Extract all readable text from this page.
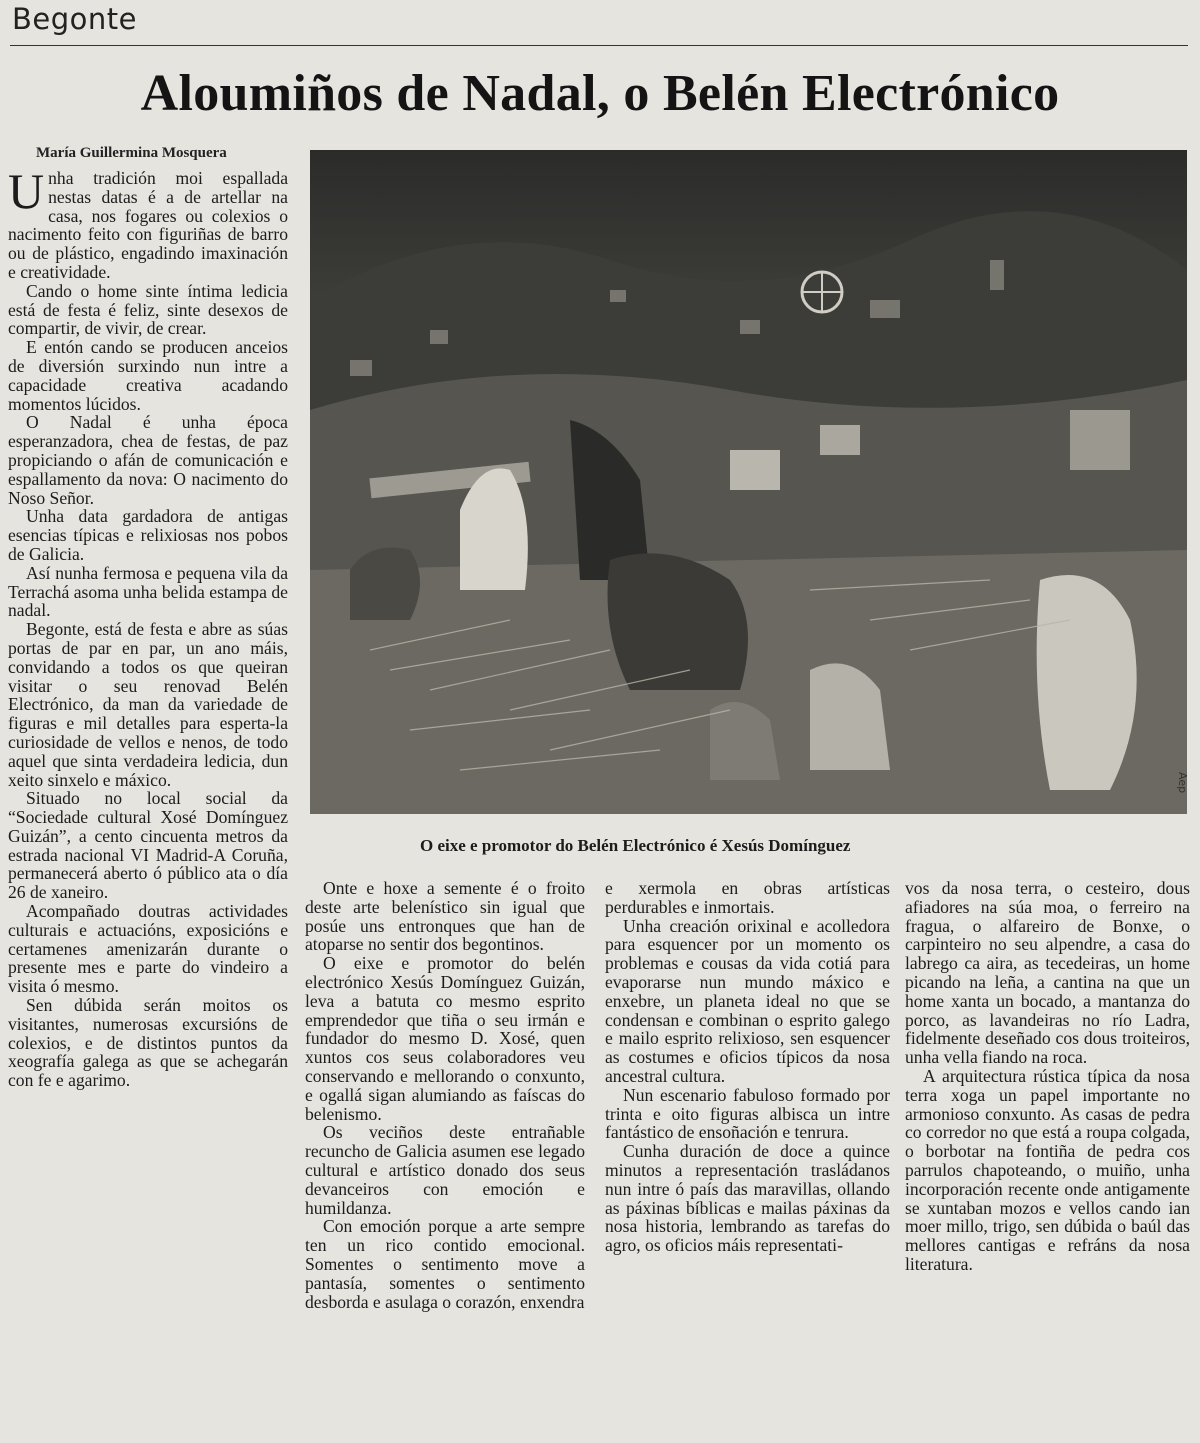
Begonte
Aloumiños de Nadal, o Belén Electrónico
María Guillermina Mosquera

Unha tradición moi espallada nestas datas é a de artellar na casa, nos fogares ou colexios o nacimento feito con figuriñas de barro ou de plástico, engadindo imaxinación e creatividade.

Cando o home sinte íntima ledicia está de festa é feliz, sinte desexos de compartir, de vivir, de crear.

E entón cando se producen anceios de diversión surxindo nun intre a capacidade creativa acadando momentos lúcidos.

O Nadal é unha época esperanzadora, chea de festas, de paz propiciando o afán de comunicación e espallamento da nova: O nacimento do Noso Señor.

Unha data gardadora de antigas esencias típicas e relixiosas nos pobos de Galicia.

Así nunha fermosa e pequena vila da Terrachá asoma unha belida estampa de nadal.

Begonte, está de festa e abre as súas portas de par en par, un ano máis, convidando a todos os que queiran visitar o seu renovad Belén Electrónico, da man da variedade de figuras e mil detalles para esperta-la curiosidade de vellos e nenos, de todo aquel que sinta verdadeira ledicia, dun xeito sinxelo e máxico.

Situado no local social da “Sociedade cultural Xosé Domínguez Guizán”, a cento cincuenta metros da estrada nacional VI Madrid-A Coruña, permanecerá aberto ó público ata o día 26 de xaneiro.

Acompañado doutras actividades culturais e actuacións, exposicións e certamenes amenizarán durante o presente mes e parte do vindeiro a visita ó mesmo.

Sen dúbida serán moitos os visitantes, numerosas excursións de colexios, e de distintos puntos da xeografía galega as que se achegarán con fe e agarimo.

Aep
O eixe e promotor do Belén Electrónico é Xesús Domínguez

Onte e hoxe a semente é o froito deste arte belenístico sin igual que posúe uns entronques que han de atoparse no sentir dos begontinos.

O eixe e promotor do belén electrónico Xesús Domínguez Guizán, leva a batuta co mesmo esprito emprendedor que tiña o seu irmán e fundador do mesmo D. Xosé, quen xuntos cos seus colaboradores veu conservando e mellorando o conxunto, e ogallá sigan alumiando as faíscas do belenismo.

Os veciños deste entrañable recuncho de Galicia asumen ese legado cultural e artístico donado dos seus devanceiros con emoción e humildanza.

Con emoción porque a arte sempre ten un rico contido emocional. Somentes o sentimento move a pantasía, somentes o sentimento desborda e asulaga o corazón, enxendra

e xermola en obras artísticas perdurables e inmortais.

Unha creación orixinal e acolledora para esquencer por un momento os problemas e cousas da vida cotiá para evaporarse nun mundo máxico e enxebre, un planeta ideal no que se condensan e combinan o esprito galego e mailo esprito relixioso, sen esquencer as costumes e oficios típicos da nosa ancestral cultura.

Nun escenario fabuloso formado por trinta e oito figuras albisca un intre fantástico de ensoñación e tenrura.

Cunha duración de doce a quince minutos a representación trasládanos nun intre ó país das maravillas, ollando as páxinas bíblicas e mailas páxinas da nosa historia, lembrando as tarefas do agro, os oficios máis representati-

vos da nosa terra, o cesteiro, dous afiadores na súa moa, o ferreiro na fragua, o alfareiro de Bonxe, o carpinteiro no seu alpendre, a casa do labrego ca aira, as tecedeiras, un home picando na leña, a cantina na que un home xanta un bocado, a mantanza do porco, as lavandeiras no río Ladra, fidelmente deseñado cos dous troiteiros, unha vella fiando na roca.

A arquitectura rústica típica da nosa terra xoga un papel importante no armonioso conxunto. As casas de pedra co corredor no que está a roupa colgada, o borbotar na fontiña de pedra cos parrulos chapoteando, o muiño, unha incorporación recente onde antigamente se xuntaban mozos e vellos cando ian moer millo, trigo, sen dúbida o baúl das mellores cantigas e refráns da nosa literatura.
